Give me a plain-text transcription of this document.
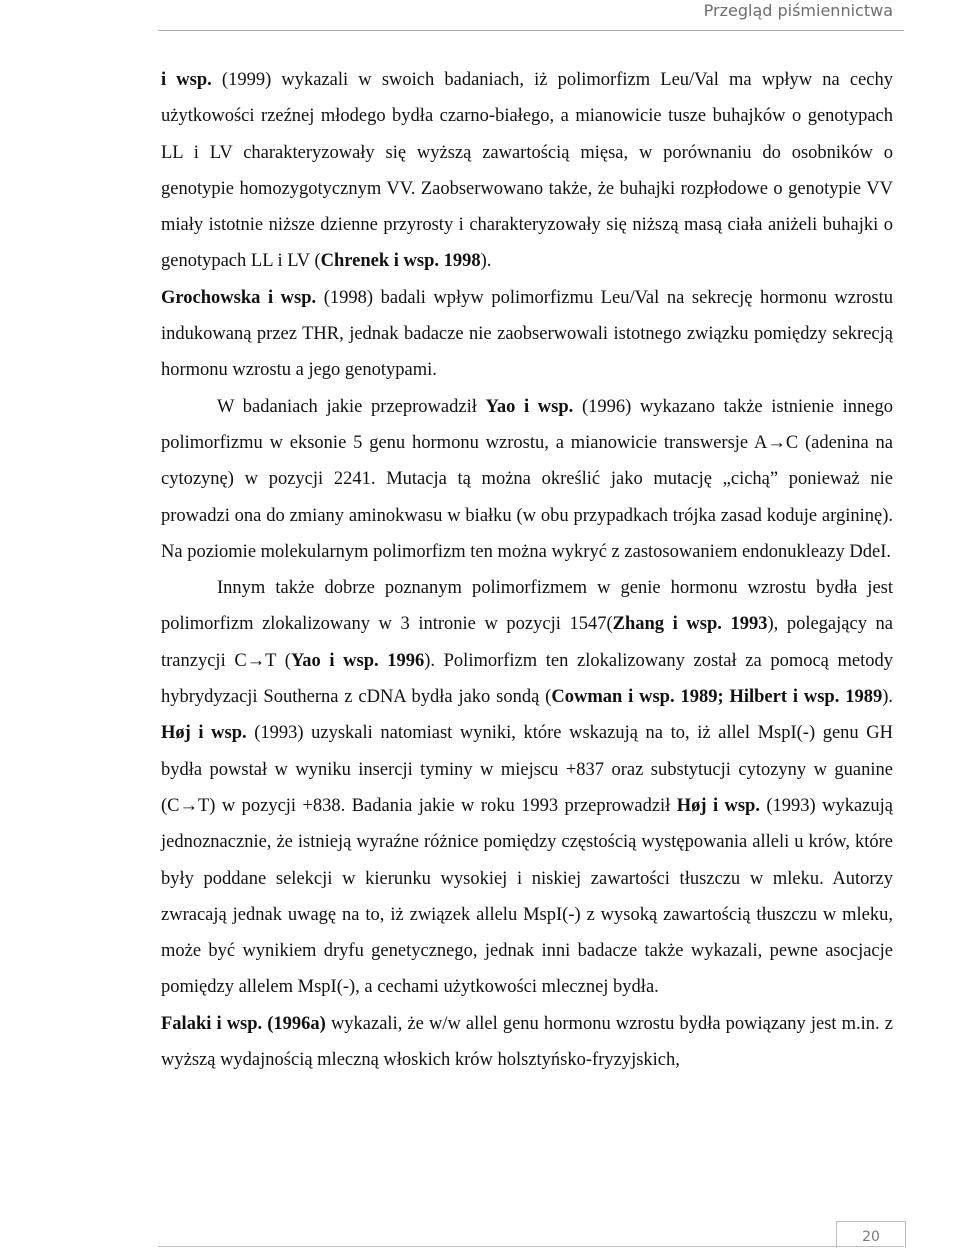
Przegląd piśmiennictwa

i wsp. (1999) wykazali w swoich badaniach, iż polimorfizm Leu/Val ma wpływ na cechy użytkowości rzeźnej młodego bydła czarno-białego, a mianowicie tusze buhajków o genotypach LL i LV charakteryzowały się wyższą zawartością mięsa, w porównaniu do osobników o genotypie homozygotycznym VV. Zaobserwowano także, że buhajki rozpłodowe o genotypie VV miały istotnie niższe dzienne przyrosty i charakteryzowały się niższą masą ciała aniżeli buhajki o genotypach LL i LV (Chrenek i wsp. 1998).

Grochowska i wsp. (1998) badali wpływ polimorfizmu Leu/Val na sekrecję hormonu wzrostu indukowaną przez THR, jednak badacze nie zaobserwowali istotnego związku pomiędzy sekrecją hormonu wzrostu a jego genotypami.

W badaniach jakie przeprowadził Yao i wsp. (1996) wykazano także istnienie innego polimorfizmu w eksonie 5 genu hormonu wzrostu, a mianowicie transwersje A→C (adenina na cytozynę) w pozycji 2241. Mutacja tą można określić jako mutację „cichą” ponieważ nie prowadzi ona do zmiany aminokwasu w białku (w obu przypadkach trójka zasad koduje argininę). Na poziomie molekularnym polimorfizm ten można wykryć z zastosowaniem endonukleazy DdeI.

Innym także dobrze poznanym polimorfizmem w genie hormonu wzrostu bydła jest polimorfizm zlokalizowany w 3 intronie w pozycji 1547(Zhang i wsp. 1993), polegający na tranzycji C→T (Yao i wsp. 1996). Polimorfizm ten zlokalizowany został za pomocą metody hybrydyzacji Southerna z cDNA bydła jako sondą (Cowman i wsp. 1989; Hilbert i wsp. 1989). Høj i wsp. (1993) uzyskali natomiast wyniki, które wskazują na to, iż allel MspI(-) genu GH bydła powstał w wyniku insercji tyminy w miejscu +837 oraz substytucji cytozyny w guanine (C→T) w pozycji +838. Badania jakie w roku 1993 przeprowadził Høj i wsp. (1993) wykazują jednoznacznie, że istnieją wyraźne różnice pomiędzy częstością występowania alleli u krów, które były poddane selekcji w kierunku wysokiej i niskiej zawartości tłuszczu w mleku. Autorzy zwracają jednak uwagę na to, iż związek allelu MspI(-) z wysoką zawartością tłuszczu w mleku, może być wynikiem dryfu genetycznego, jednak inni badacze także wykazali, pewne asocjacje pomiędzy allelem MspI(-), a cechami użytkowości mlecznej bydła.

Falaki i wsp. (1996a) wykazali, że w/w allel genu hormonu wzrostu bydła powiązany jest m.in. z wyższą wydajnością mleczną włoskich krów holsztyńsko-fryzyjskich,

20
